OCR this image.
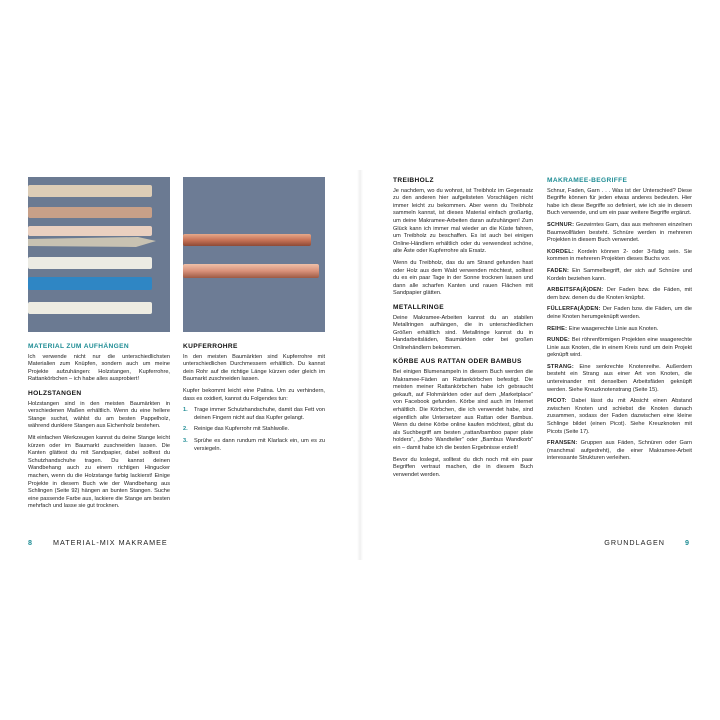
MATERIAL ZUM AUFHÄNGEN

Ich verwende nicht nur die unterschiedlichsten Materialien zum Knüpfen, sondern auch um meine Projekte aufzuhängen: Holzstangen, Kupferrohre, Rattankörbchen – ich habe alles ausprobiert!

HOLZSTANGEN

Holzstangen sind in den meisten Baumärkten in verschiedenen Maßen erhältlich. Wenn du eine hellere Stange suchst, wählst du am besten Pappelholz, während dunklere Stangen aus Eichenholz bestehen.

Mit einfachen Werkzeugen kannst du deine Stange leicht kürzen oder im Baumarkt zuschneiden lassen. Die Kanten glättest du mit Sandpapier, dabei solltest du Schutzhandschuhe tragen. Du kannst deinen Wandbehang auch zu einem richtigen Hingucker machen, wenn du die Holzstange farbig lackierst! Einige Projekte in diesem Buch wie der Wandbehang aus Schlingen (Seite 92) hängen an bunten Stangen. Suche eine passende Farbe aus, lackiere die Stange am besten mehrfach und lasse sie gut trocknen.

KUPFERROHRE

In den meisten Baumärkten sind Kupferrohre mit unterschiedlichen Durchmessern erhältlich. Du kannst dein Rohr auf die richtige Länge kürzen oder gleich im Baumarkt zuschneiden lassen.

Kupfer bekommt leicht eine Patina. Um zu verhindern, dass es oxidiert, kannst du Folgendes tun:

1.	Trage immer Schutzhandschuhe, damit das Fett von deinen Fingern nicht auf das Kupfer gelangt.
2.	Reinige das Kupferrohr mit Stahlwolle.
3.	Sprühe es dann rundum mit Klarlack ein, um es zu versiegeln.
TREIBHOLZ

Je nachdem, wo du wohnst, ist Treibholz im Gegensatz zu den anderen hier aufgelisteten Vorschlägen nicht immer leicht zu bekommen. Aber wenn du Treibholz sammeln kannst, ist dieses Material einfach großartig, um deine Makramee-Arbeiten daran aufzuhängen! Zum Glück kann ich immer mal wieder an die Küste fahren, um Treibholz zu beschaffen. Es ist auch bei einigen Online-Händlern erhältlich oder du verwendest schöne, alte Äste oder Kupferrohre als Ersatz.

Wenn du Treibholz, das du am Strand gefunden hast oder Holz aus dem Wald verwenden möchtest, solltest du es ein paar Tage in der Sonne trocknen lassen und dann alle scharfen Kanten und rauen Flächen mit Sandpapier glätten.

METALLRINGE

Deine Makramee-Arbeiten kannst du an stabilen Metallringen aufhängen, die in unterschiedlichen Größen erhältlich sind. Metallringe kannst du in Handarbeitsläden, Baumärkten oder bei großen Onlinehändlern bekommen.

KÖRBE AUS RATTAN ODER BAMBUS

Bei einigen Blumenampeln in diesem Buch werden die Makramee-Fäden an Rattankörbchen befestigt. Die meisten meiner Rattankörbchen habe ich gebraucht gekauft, auf Flohmärkten oder auf dem „Marketplace“ von Facebook gefunden. Körbe sind auch im Internet erhältlich. Die Körbchen, die ich verwendet habe, sind eigentlich alte Untersetzer aus Rattan oder Bambus. Wenn du deine Körbe online kaufen möchtest, gibst du als Suchbegriff am besten „rattan/bamboo paper plate holders“, „Boho Wandteller“ oder „Bambus Wandkorb“ ein – damit habe ich die besten Ergebnisse erzielt!

Bevor du loslegst, solltest du dich noch mit ein paar Begriffen vertraut machen, die in diesem Buch verwendet werden.

MAKRAMEE-BEGRIFFE

Schnur, Faden, Garn . . . Was ist der Unterschied? Diese Begriffe können für jeden etwas anderes bedeuten. Hier habe ich diese Begriffe so definiert, wie ich sie in diesem Buch verwende, und um ein paar weitere Begriffe ergänzt.

SCHNUR: Gezwirntes Garn, das aus mehreren einzelnen Baumwollfäden besteht. Schnüre werden in mehreren Projekten in diesem Buch verwendet.

KORDEL: Kordeln können 2- oder 3-fädig sein. Sie kommen in mehreren Projekten dieses Buchs vor.

FADEN: Ein Sammelbegriff, der sich auf Schnüre und Kordeln beziehen kann.

ARBEITSFA(Ä)DEN: Der Faden bzw. die Fäden, mit dem bzw. denen du die Knoten knüpfst.

FÜLLERFA(Ä)DEN: Der Faden bzw. die Fäden, um die deine Knoten herumgeknüpft werden.

REIHE: Eine waagerechte Linie aus Knoten.

RUNDE: Bei röhrenförmigen Projekten eine waagerechte Linie aus Knoten, die in einem Kreis rund um dein Projekt geknüpft wird.

STRANG: Eine senkrechte Knotenreihe. Außerdem besteht ein Strang aus einer Art von Knoten, die untereinander mit denselben Arbeitsfäden geknüpft werden. Siehe Kreuzknotenstrang (Seite 15).

PICOT: Dabei lässt du mit Absicht einen Abstand zwischen Knoten und schiebst die Knoten danach zusammen, sodass der Faden dazwischen eine kleine Schlinge bildet (einen Picot). Siehe Kreuzknoten mit Picots (Seite 17).

FRANSEN: Gruppen aus Fäden, Schnüren oder Garn (manchmal aufgedreht), die einer Makramee-Arbeit interessante Strukturen verleihen.

8	MATERIAL-MIX MAKRAMEE	GRUNDLAGEN	9
